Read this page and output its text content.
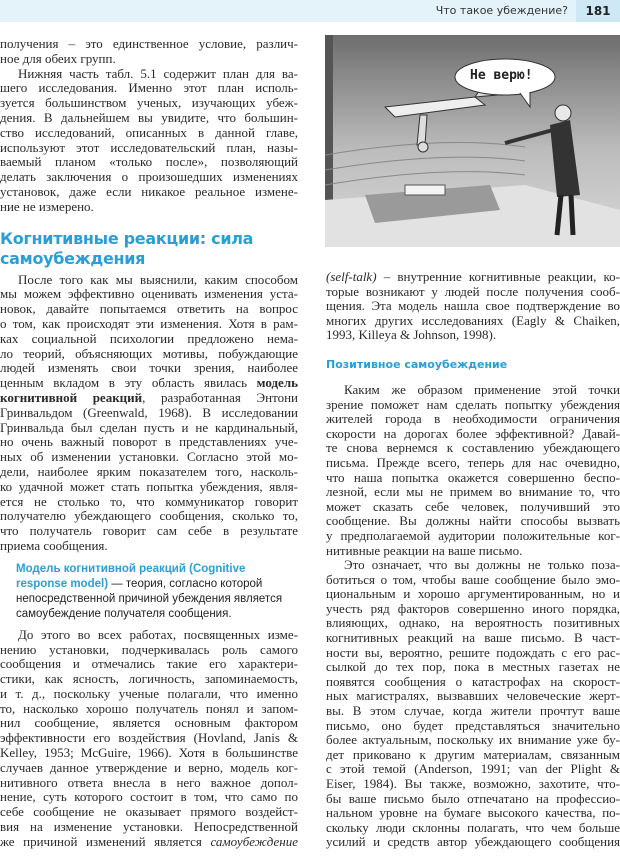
Что такое убеждение?	181
Не верю!
получения – это единственное условие, различ-
ное для обеих групп.
Нижняя часть табл. 5.1 содержит план для ва-
шего исследования. Именно этот план исполь-
зуется большинством ученых, изучающих убеж-
дения. В дальнейшем вы увидите, что большин-
ство исследований, описанных в данной главе,
используют этот исследовательский план, назы-
ваемый планом «только после», позволяющий
делать заключения о произошедших изменениях
установок, даже если никакое реальное измене-
ние не измерено.
Когнитивные реакции: сила
самоубеждения
После того как мы выяснили, каким способом
мы можем эффективно оценивать изменения уста-
новок, давайте попытаемся ответить на вопрос
о том, как происходят эти изменения. Хотя в рам-
ках социальной психологии предложено нема-
ло теорий, объясняющих мотивы, побуждающие
людей изменять свои точки зрения, наиболее
ценным вкладом в эту область явилась модель
когнитивной реакций, разработанная Энтони
Гринвальдом (Greenwald, 1968). В исследовании
Гринвальда был сделан пусть и не кардинальный,
но очень важный поворот в представлениях уче-
ных об изменении установки. Согласно этой мо-
дели, наиболее ярким показателем того, насколь-
ко удачной может стать попытка убеждения, явля-
ется не столько то, что коммуникатор говорит
получателю убеждающего сообщения, сколько то,
что получатель говорит сам себе в результате
приема сообщения.
Модель когнитивной реакций (Cognitive response model) — теория, согласно которой непосредственной причиной убеждения является самоубеждение получателя сообщения.
До этого во всех работах, посвященных изме-
нению установки, подчеркивалась роль самого
сообщения и отмечались такие его характери-
стики, как ясность, логичность, запоминаемость,
и т. д., поскольку ученые полагали, что именно
то, насколько хорошо получатель понял и запом-
нил сообщение, является основным фактором
эффективности его воздействия (Hovland, Janis &
Kelley, 1953; McGuire, 1966). Хотя в большинстве
случаев данное утверждение и верно, модель ког-
нитивного ответа внесла в него важное допол-
нение, суть которого состоит в том, что само по
себе сообщение не оказывает прямого воздейст-
вия на изменение установки. Непосредственной
же причиной изменений является самоубеждение
(self-talk) – внутренние когнитивные реакции, ко-
торые возникают у людей после получения сооб-
щения. Эта модель нашла свое подтверждение во
многих других исследованиях (Eagly & Chaiken,
1993, Killeya & Johnson, 1998).
Позитивное самоубеждение
Каким же образом применение этой точки
зрение поможет нам сделать попытку убеждения
жителей города в необходимости ограничения
скорости на дорогах более эффективной? Давай-
те снова вернемся к составлению убеждающего
письма. Прежде всего, теперь для нас очевидно,
что наша попытка окажется совершенно беспо-
лезной, если мы не примем во внимание то, что
может сказать себе человек, получивший это
сообщение. Вы должны найти способы вызвать
у предполагаемой аудитории положительные ког-
нитивные реакции на ваше письмо.
Это означает, что вы должны не только поза-
ботиться о том, чтобы ваше сообщение было эмо-
циональным и хорошо аргументированным, но и
учесть ряд факторов совершенно иного порядка,
влияющих, однако, на вероятность позитивных
когнитивных реакций на ваше письмо. В част-
ности вы, вероятно, решите подождать с его рас-
сылкой до тех пор, пока в местных газетах не
появятся сообщения о катастрофах на скорост-
ных магистралях, вызвавших человеческие жерт-
вы. В этом случае, когда жители прочтут ваше
письмо, оно будет представляться значительно
более актуальным, поскольку их внимание уже бу-
дет приковано к другим материалам, связанным
с этой темой (Anderson, 1991; van der Plight &
Eiser, 1984). Вы также, возможно, захотите, что-
бы ваше письмо было отпечатано на профессио-
нальном уровне на бумаге высокого качества, по-
скольку люди склонны полагать, что чем больше
усилий и средств автор убеждающего сообщения
